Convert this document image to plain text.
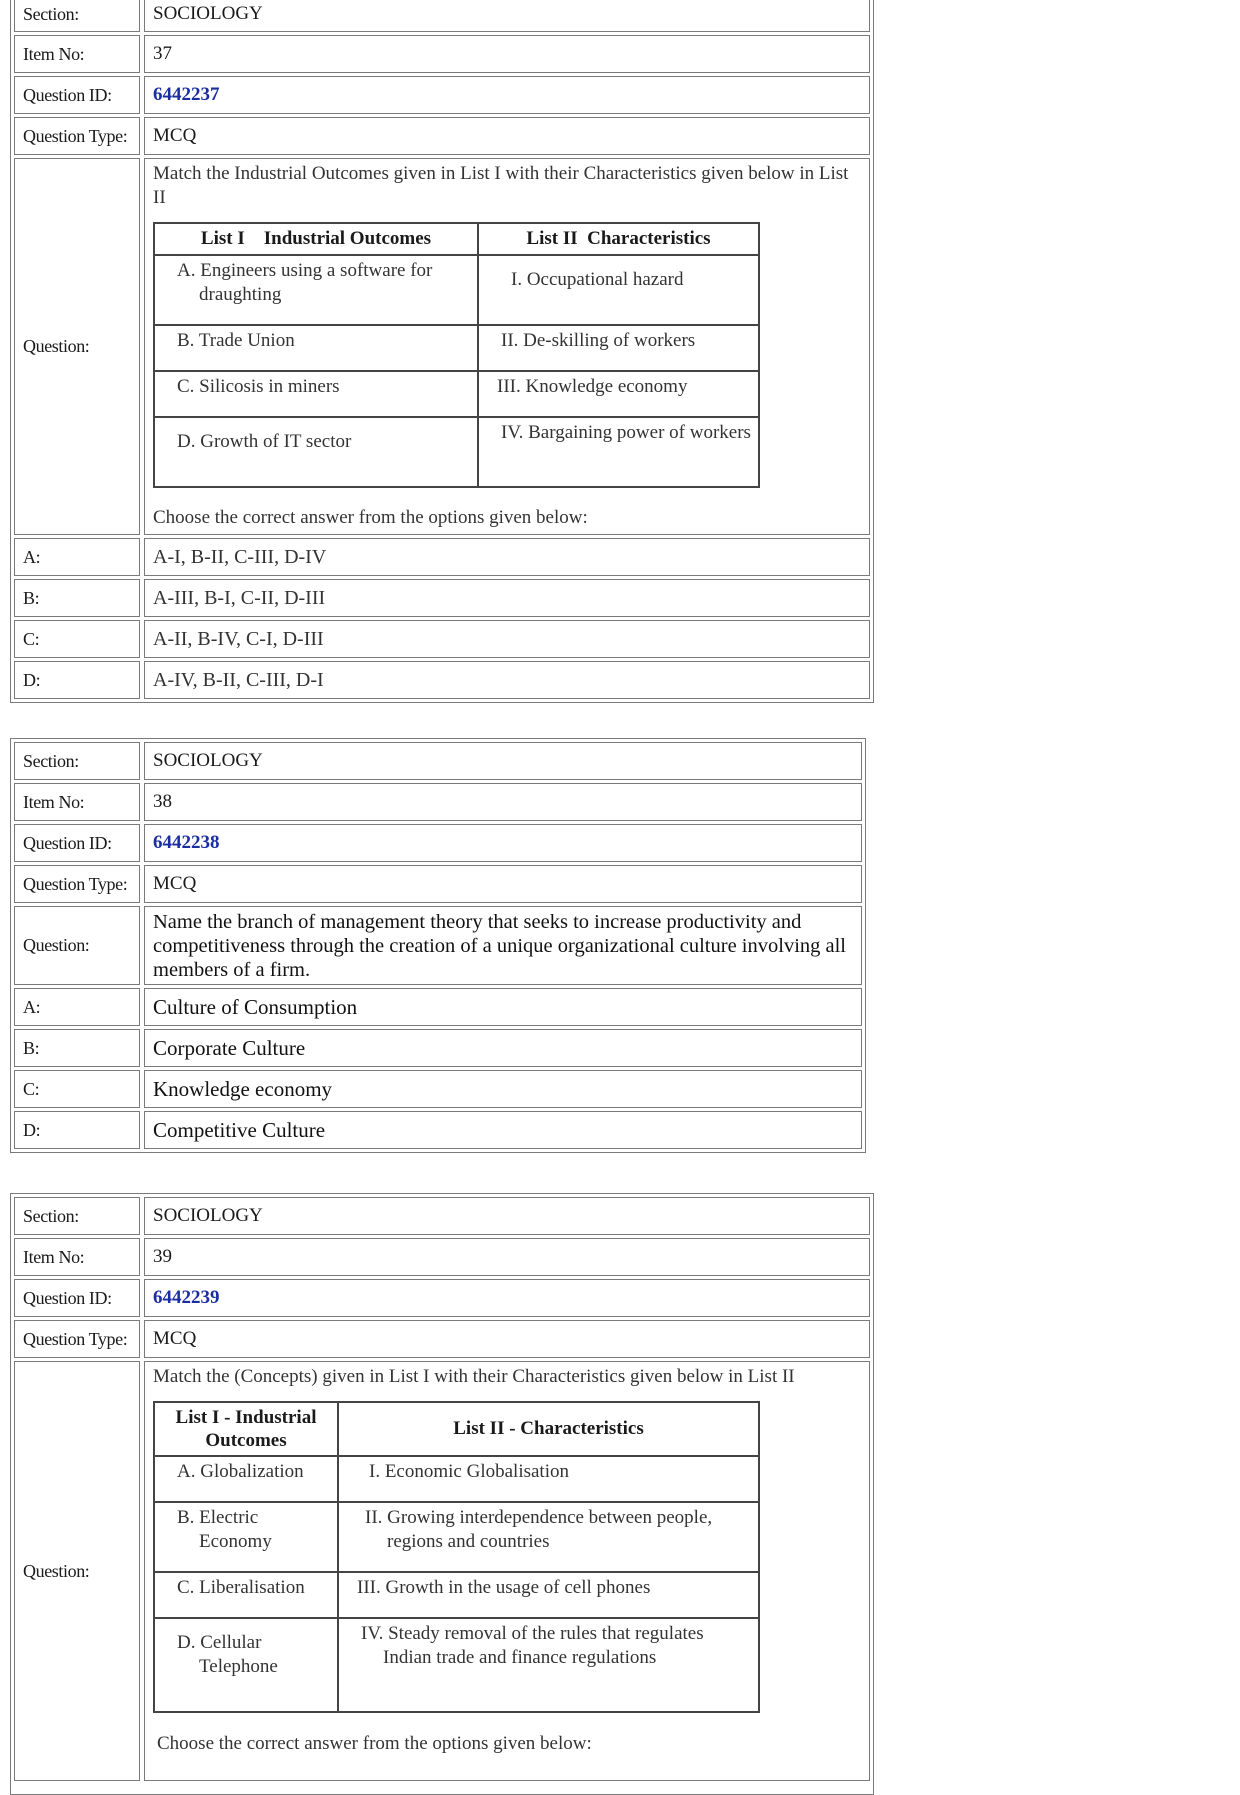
Section:	SOCIOLOGY
Item No:	37
Question ID:	6442237
Question Type:	MCQ
Question:
Match the Industrial Outcomes given in List I with their Characteristics given below in List II
List I Industrial Outcomes	List II Characteristics

A. Engineers using a software for draughting	I. Occupational hazard
B. Trade Union	II. De-skilling of workers
C. Silicosis in miners	III. Knowledge economy
D. Growth of IT sector	IV. Bargaining power of workers
Choose the correct answer from the options given below:
A:	A-I, B-II, C-III, D-IV
B:	A-III, B-I, C-II, D-III
C:	A-II, B-IV, C-I, D-III
D:	A-IV, B-II, C-III, D-I
Section:	SOCIOLOGY
Item No:	38
Question ID:	6442238
Question Type:	MCQ
Question:
Name the branch of management theory that seeks to increase productivity and competitiveness through the creation of a unique organizational culture involving all members of a firm.
A:	Culture of Consumption
B:	Corporate Culture
C:	Knowledge economy
D:	Competitive Culture
Section:	SOCIOLOGY
Item No:	39
Question ID:	6442239
Question Type:	MCQ
Question:
Match the (Concepts) given in List I with their Characteristics given below in List II
List I - Industrial Outcomes	List II - Characteristics
A. Globalization	I. Economic Globalisation

B. Electric Economy	II. Growing interdependence between people, regions and countries

C. Liberalisation	III. Growth in the usage of cell phones

D. Cellular Telephone	IV. Steady removal of the rules that regulates Indian trade and finance regulations
Choose the correct answer from the options given below:
